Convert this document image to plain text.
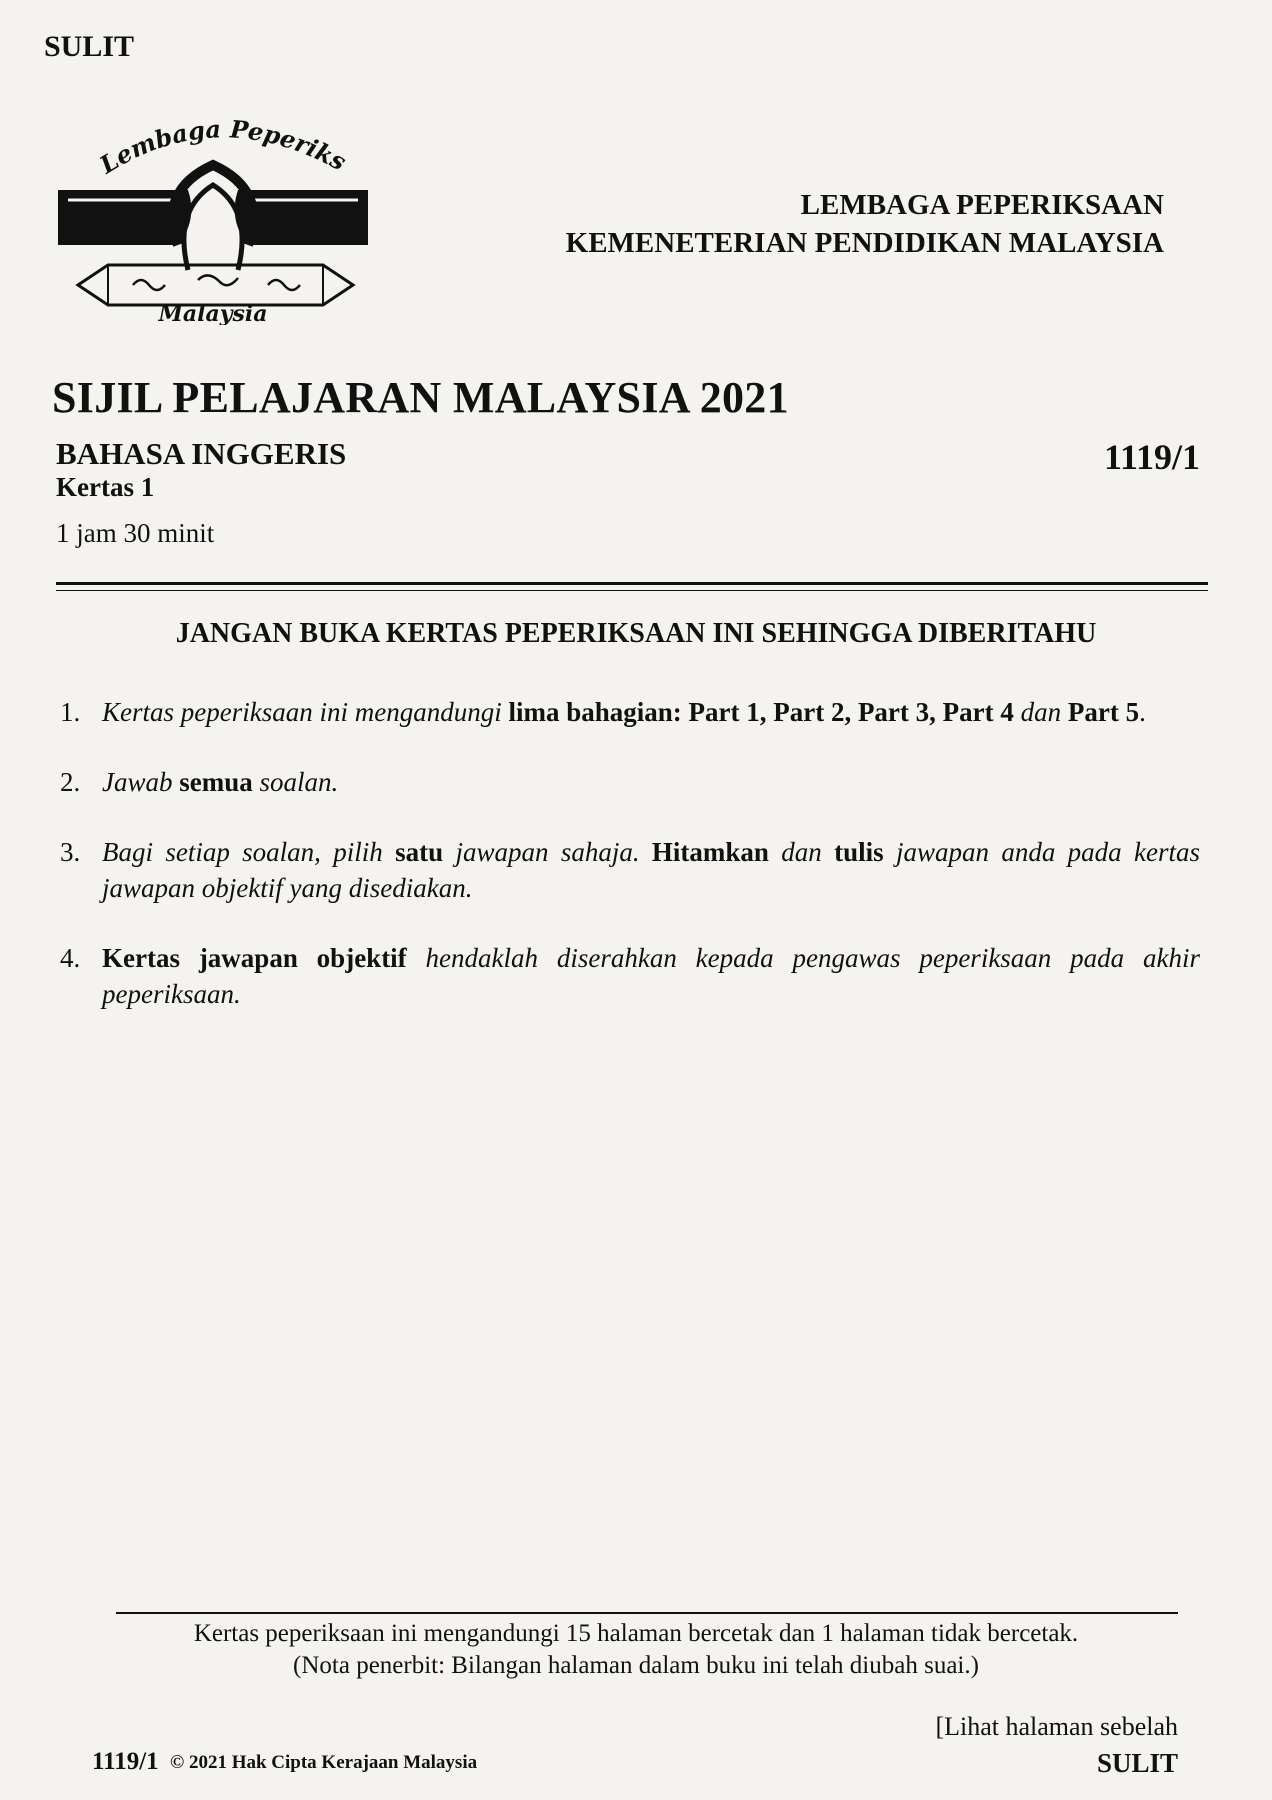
SULIT
Lembaga Peperiks
Malaysia
LEMBAGA PEPERIKSAAN
KEMENETERIAN PENDIDIKAN MALAYSIA
SIJIL PELAJARAN MALAYSIA 2021
BAHASA INGGERIS	1119/1
Kertas 1
1 jam 30 minit
JANGAN BUKA KERTAS PEPERIKSAAN INI SEHINGGA DIBERITAHU
1. Kertas peperiksaan ini mengandungi lima bahagian: Part 1, Part 2, Part 3, Part 4 dan Part 5.
2. Jawab semua soalan.
3. Bagi setiap soalan, pilih satu jawapan sahaja. Hitamkan dan tulis jawapan anda pada kertas jawapan objektif yang disediakan.
4. Kertas jawapan objektif hendaklah diserahkan kepada pengawas peperiksaan pada akhir peperiksaan.
Kertas peperiksaan ini mengandungi 15 halaman bercetak dan 1 halaman tidak bercetak.
(Nota penerbit: Bilangan halaman dalam buku ini telah diubah suai.)
[Lihat halaman sebelah
SULIT
1119/1 © 2021 Hak Cipta Kerajaan Malaysia
